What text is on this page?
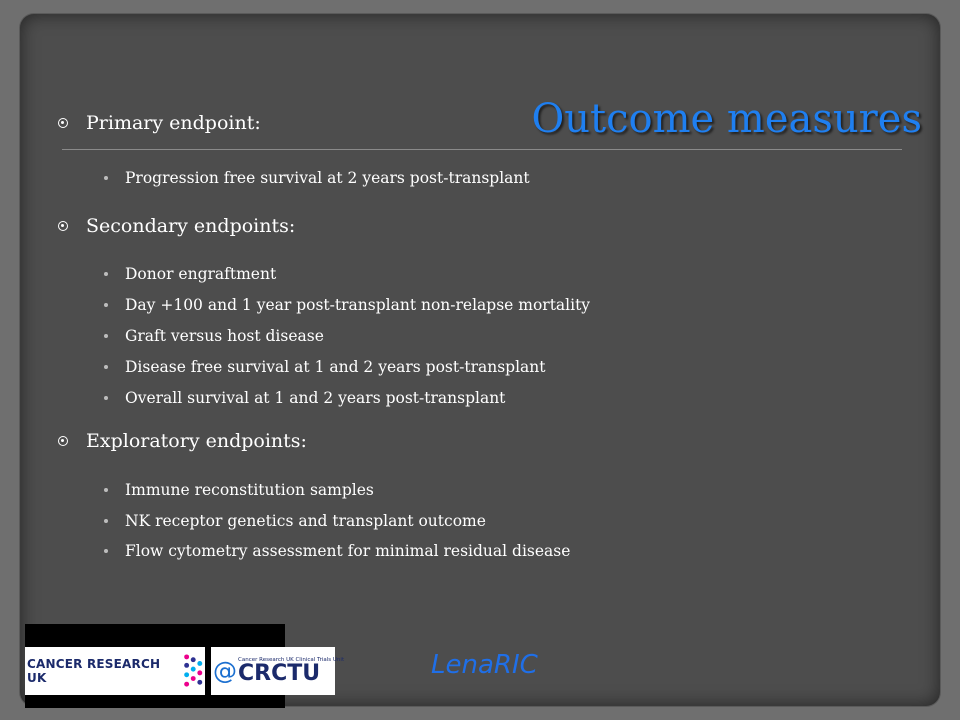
Outcome measures
Primary endpoint:
Progression free survival at 2 years post-transplant
Secondary endpoints:
Donor engraftment
Day +100 and 1 year post-transplant non-relapse mortality
Graft versus host disease
Disease free survival at 1 and 2 years post-transplant
Overall survival at 1 and 2 years post-transplant
Exploratory endpoints:
Immune reconstitution samples
NK receptor genetics and transplant outcome
Flow cytometry assessment for minimal residual disease
CANCER RESEARCH UK	@ Cancer Research UK Clinical Trials Unit
CRCTU	LenaRIC
